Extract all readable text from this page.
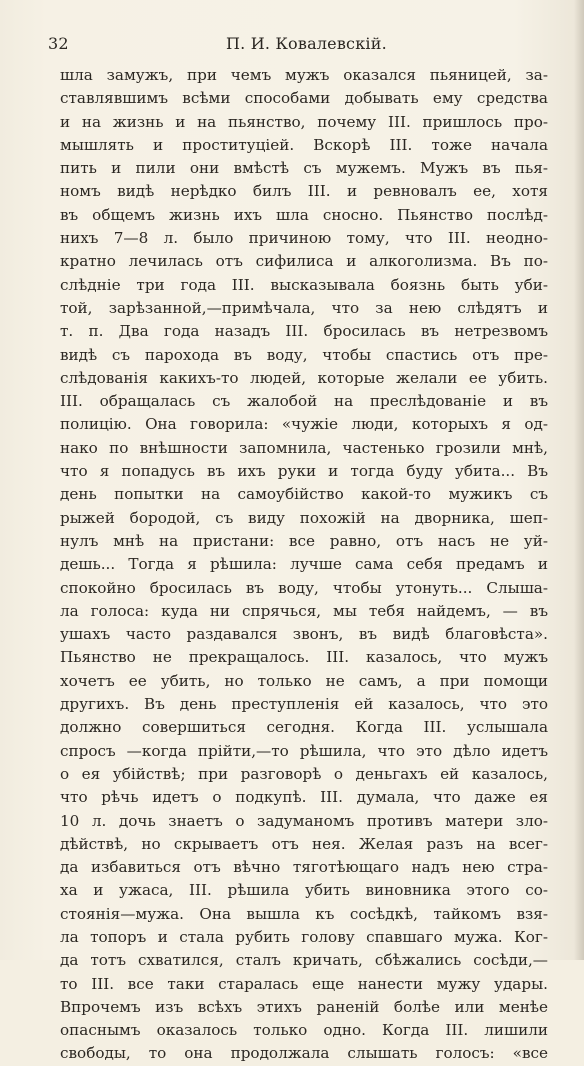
32	П. И. Ковалевскій.
шла замужъ, при чемъ мужъ оказался пьяницей, за-
ставлявшимъ всѣми способами добывать ему средства
и на жизнь и на пьянство, почему III. пришлось про-
мышлять и проституціей. Вскорѣ III. тоже начала
пить и пили они вмѣстѣ съ мужемъ. Мужъ въ пья-
номъ видѣ нерѣдко билъ III. и ревновалъ ее, хотя
въ общемъ жизнь ихъ шла сносно. Пьянство послѣд-
нихъ 7—8 л. было причиною тому, что III. неодно-
кратно лечилась отъ сифилиса и алкоголизма. Въ по-
слѣдніе три года III. высказывала боязнь быть уби-
той, зарѣзанной,—примѣчала, что за нею слѣдятъ и
т. п. Два года назадъ III. бросилась въ нетрезвомъ
видѣ съ парохода въ воду, чтобы спастись отъ пре-
слѣдованія какихъ-то людей, которые желали ее убить.
III. обращалась съ жалобой на преслѣдованіе и въ
полицію. Она говорила: «чужіе люди, которыхъ я од-
нако по внѣшности запомнила, частенько грозили мнѣ,
что я попадусь въ ихъ руки и тогда буду убита... Въ
день попытки на самоубійство какой-то мужикъ съ
рыжей бородой, съ виду похожій на дворника, шеп-
нулъ мнѣ на пристани: все равно, отъ насъ не уй-
дешь... Тогда я рѣшила: лучше сама себя предамъ и
спокойно бросилась въ воду, чтобы утонуть... Слыша-
ла голоса: куда ни спрячься, мы тебя найдемъ, — въ
ушахъ часто раздавался звонъ, въ видѣ благовѣста».
Пьянство не прекращалось. III. казалось, что мужъ
хочетъ ее убить, но только не самъ, а при помощи
другихъ. Въ день преступленія ей казалось, что это
должно совершиться сегодня. Когда III. услышала
спросъ —когда прійти,—то рѣшила, что это дѣло идетъ
о ея убійствѣ; при разговорѣ о деньгахъ ей казалось,
что рѣчь идетъ о подкупѣ. III. думала, что даже ея
10 л. дочь знаетъ о задуманомъ противъ матери зло-
дѣйствѣ, но скрываетъ отъ нея. Желая разъ на всег-
да избавиться отъ вѣчно тяготѣющаго надъ нею стра-
ха и ужаса, III. рѣшила убить виновника этого со-
стоянія—мужа. Она вышла къ сосѣдкѣ, тайкомъ взя-
ла топоръ и стала рубить голову спавшаго мужа. Ког-
да тотъ схватился, сталъ кричать, сбѣжались сосѣди,—
то III. все таки старалась еще нанести мужу удары.
Впрочемъ изъ всѣхъ этихъ раненій болѣе или менѣе
опаснымъ оказалось только одно. Когда III. лишили
свободы, то она продолжала слышать голосъ: «все
